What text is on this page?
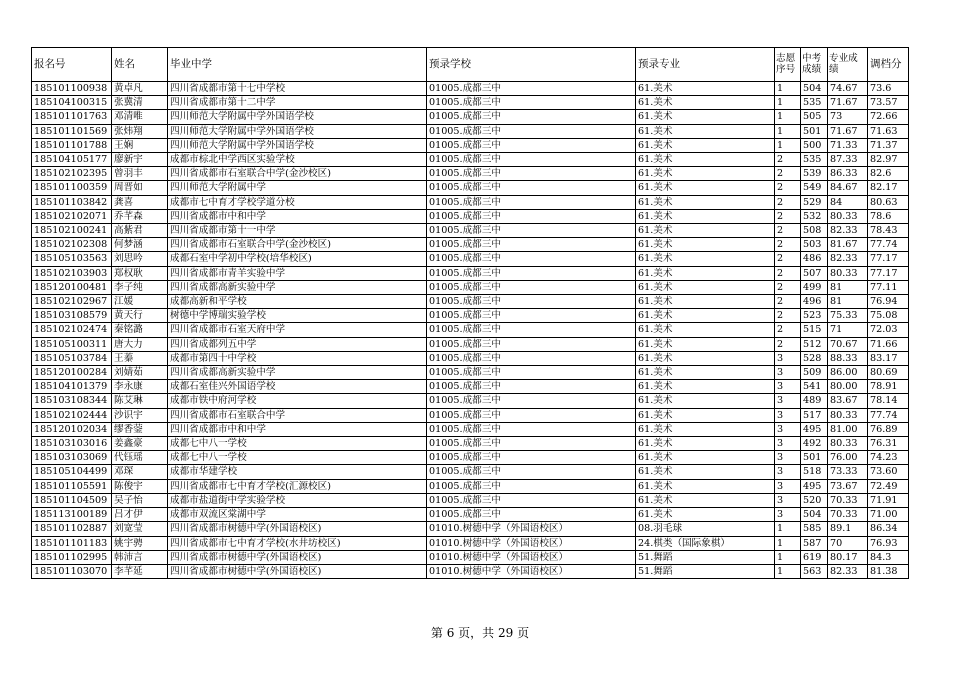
报名号	姓名	毕业中学	预录学校	预录专业	志愿序号	中考成绩	专业成绩	调档分
185101100938	黄卓凡	四川省成都市第十七中学校	01005.成都三中	61.美术	1	504	74.67	73.6
185104100315	张冀清	四川省成都市第十二中学	01005.成都三中	61.美术	1	535	71.67	73.57
185101101763	邓清唯	四川师范大学附属中学外国语学校	01005.成都三中	61.美术	1	505	73	72.66
185101101569	张炜翔	四川师范大学附属中学外国语学校	01005.成都三中	61.美术	1	501	71.67	71.63
185101101788	王娴	四川师范大学附属中学外国语学校	01005.成都三中	61.美术	1	500	71.33	71.37
185104105177	廖新宇	成都市棕北中学西区实验学校	01005.成都三中	61.美术	2	535	87.33	82.97
185102102395	曾羽丰	四川省成都市石室联合中学(金沙校区)	01005.成都三中	61.美术	2	539	86.33	82.6
185101100359	周晋如	四川师范大学附属中学	01005.成都三中	61.美术	2	549	84.67	82.17
185101103842	龚喜	成都市七中育才学校学道分校	01005.成都三中	61.美术	2	529	84	80.63
185102102071	乔芊森	四川省成都市中和中学	01005.成都三中	61.美术	2	532	80.33	78.6
185102100241	高紫君	四川省成都市第十一中学	01005.成都三中	61.美术	2	508	82.33	78.43
185102102308	何梦涵	四川省成都市石室联合中学(金沙校区)	01005.成都三中	61.美术	2	503	81.67	77.74
185105103563	刘思吟	成都石室中学初中学校(培华校区)	01005.成都三中	61.美术	2	486	82.33	77.17
185102103903	郑权耿	四川省成都市青羊实验中学	01005.成都三中	61.美术	2	507	80.33	77.17
185120100481	李子纯	四川省成都高新实验中学	01005.成都三中	61.美术	2	499	81	77.11
185102102967	江媛	成都高新和平学校	01005.成都三中	61.美术	2	496	81	76.94
185103108579	黄天行	树德中学博瑞实验学校	01005.成都三中	61.美术	2	523	75.33	75.08
185102102474	秦铭潞	四川省成都市石室天府中学	01005.成都三中	61.美术	2	515	71	72.03
185105100311	唐大力	四川省成都列五中学	01005.成都三中	61.美术	2	512	70.67	71.66
185105103784	王蓁	成都市第四十中学校	01005.成都三中	61.美术	3	528	88.33	83.17
185120100284	刘婧茹	四川省成都高新实验中学	01005.成都三中	61.美术	3	509	86.00	80.69
185104101379	李永康	成都石室佳兴外国语学校	01005.成都三中	61.美术	3	541	80.00	78.91
185103108344	陈艾琳	成都市铁中府河学校	01005.成都三中	61.美术	3	489	83.67	78.14
185102102444	沙识宇	四川省成都市石室联合中学	01005.成都三中	61.美术	3	517	80.33	77.74
185120102034	缪香蓥	四川省成都市中和中学	01005.成都三中	61.美术	3	495	81.00	76.89
185103103016	姜鑫豪	成都七中八一学校	01005.成都三中	61.美术	3	492	80.33	76.31
185103103069	代钰瑶	成都七中八一学校	01005.成都三中	61.美术	3	501	76.00	74.23
185105104499	邓琛	成都市华建学校	01005.成都三中	61.美术	3	518	73.33	73.60
185101105591	陈俊宇	四川省成都市七中育才学校(汇源校区)	01005.成都三中	61.美术	3	495	73.67	72.49
185101104509	吴子怡	成都市盐道街中学实验学校	01005.成都三中	61.美术	3	520	70.33	71.91
185113100189	吕才伊	成都市双流区棠湖中学	01005.成都三中	61.美术	3	504	70.33	71.00
185101102887	刘宽莹	四川省成都市树德中学(外国语校区)	01010.树德中学（外国语校区）	08.羽毛球	1	585	89.1	86.34
185101101183	姚宇骋	四川省成都市七中育才学校(水井坊校区)	01010.树德中学（外国语校区）	24.棋类（国际象棋）	1	587	70	76.93
185101102995	韩沛言	四川省成都市树德中学(外国语校区)	01010.树德中学（外国语校区）	51.舞蹈	1	619	80.17	84.3
185101103070	李芊延	四川省成都市树德中学(外国语校区)	01010.树德中学（外国语校区）	51.舞蹈	1	563	82.33	81.38
第 6 页，共 29 页
